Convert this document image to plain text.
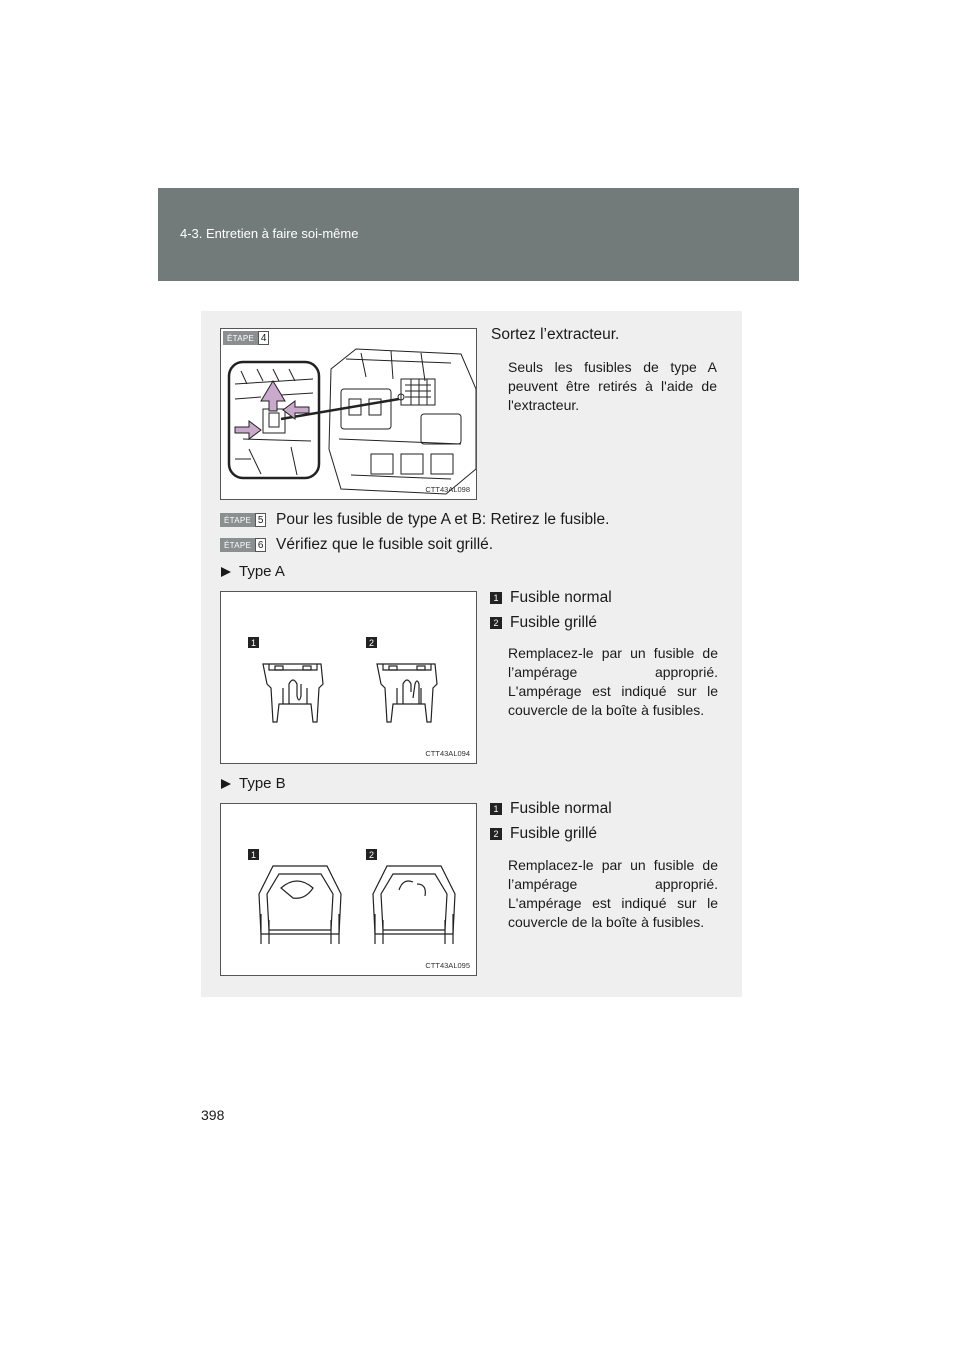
4-3. Entretien à faire soi-même
CTT43AL098
ÉTAPE 4	Sortez l’extracteur.
Seuls les fusibles de type A peuvent être retirés à l'aide de l'extracteur.
ÉTAPE 5 Pour les fusible de type A et B: Retirez le fusible.
ÉTAPE 6 Vérifiez que le fusible soit grillé.
Type A
1	2
CTT43AL094
1 Fusible normal
2 Fusible grillé
Remplacez-le par un fusible de l’ampérage approprié. L'ampérage est indiqué sur le couvercle de la boîte à fusibles.
Type B
1	2
CTT43AL095
1 Fusible normal
2 Fusible grillé
Remplacez-le par un fusible de l’ampérage approprié. L'ampérage est indiqué sur le couvercle de la boîte à fusibles.
398
